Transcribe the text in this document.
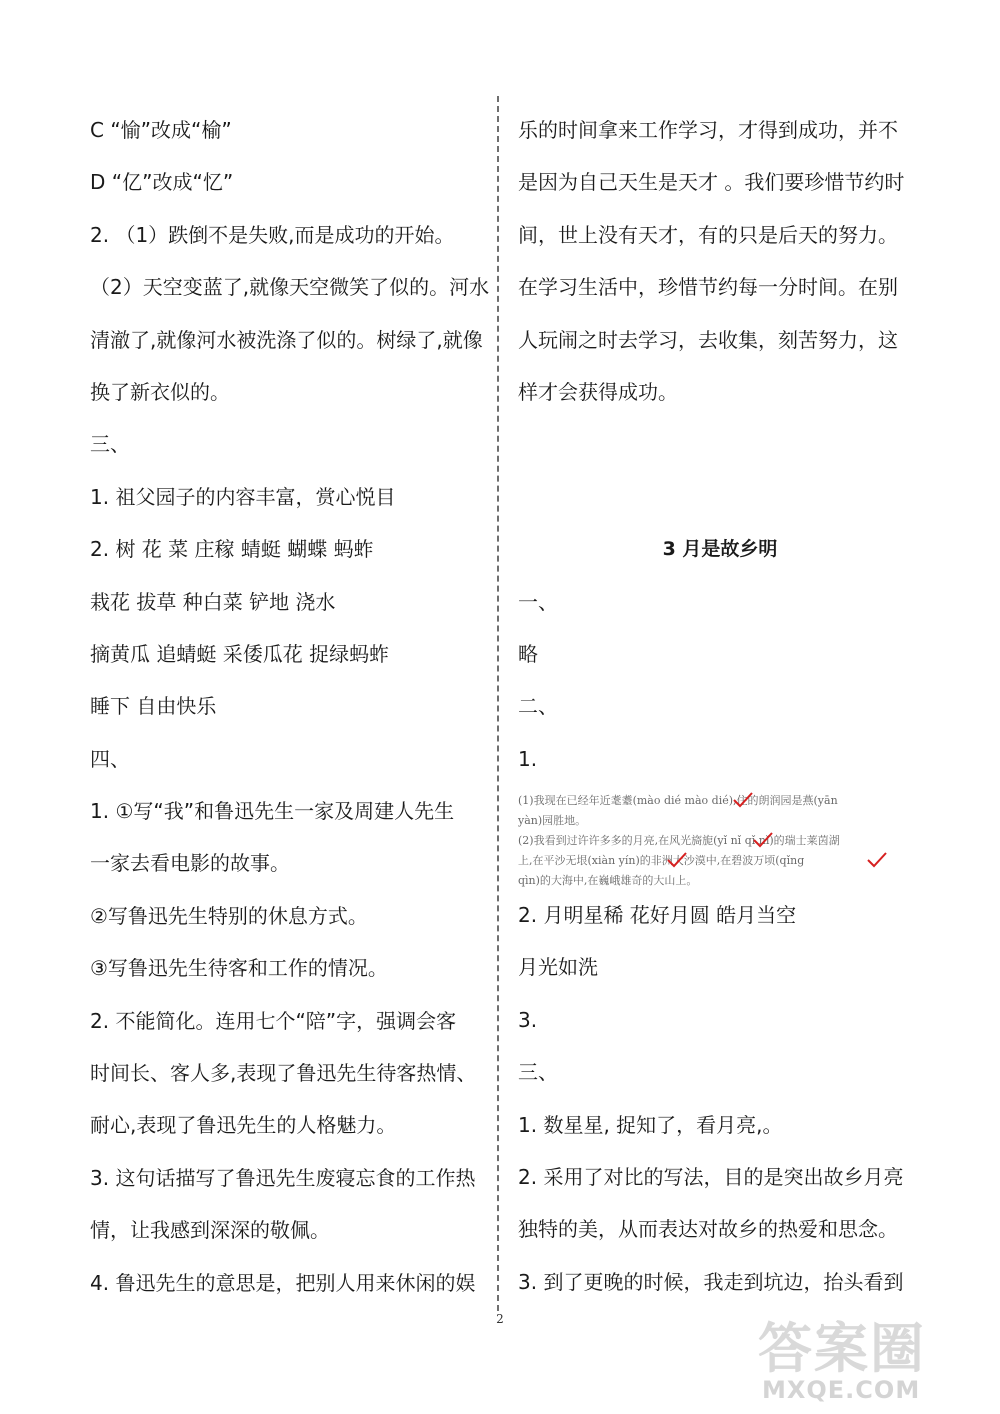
C “愉”改成“榆”
D “亿”改成“忆”
2. （1）跌倒不是失败,而是成功的开始。
（2）天空变蓝了,就像天空微笑了似的。河水
清澈了,就像河水被洗涤了似的。树绿了,就像
换了新衣似的。
三、
1. 祖父园子的内容丰富，赏心悦目
2. 树 花 菜 庄稼 蜻蜓 蝴蝶 蚂蚱
栽花 拔草 种白菜 铲地 浇水
摘黄瓜 追蜻蜓 采倭瓜花 捉绿蚂蚱
睡下 自由快乐
四、
1. ①写“我”和鲁迅先生一家及周建人先生
一家去看电影的故事。
②写鲁迅先生特别的休息方式。
③写鲁迅先生待客和工作的情况。
2. 不能简化。连用七个“陪”字，强调会客
时间长、客人多,表现了鲁迅先生待客热情、
耐心,表现了鲁迅先生的人格魅力。
3. 这句话描写了鲁迅先生废寝忘食的工作热
情，让我感到深深的敬佩。
4. 鲁迅先生的意思是，把别人用来休闲的娱
乐的时间拿来工作学习，才得到成功，并不
是因为自己天生是天才 。我们要珍惜节约时
间，世上没有天才，有的只是后天的努力。
在学习生活中，珍惜节约每一分时间。在别
人玩闹之时去学习，去收集，刻苦努力，这
样才会获得成功。
3 月是故乡明
一、
略
二、
1.
(1)我现在已经年近耄耋(mào dié mào dié),住的朗润园是燕(yān
yàn)园胜地。
(2)我看到过许许多多的月亮,在风光旖旎(yǐ nǐ qǐ nǐ)的瑞士莱茵湖
上,在平沙无垠(xiàn yín)的非洲大沙漠中,在碧波万顷(qǐng
qìn)的大海中,在巍峨雄奇的大山上。
2. 月明星稀 花好月圆 皓月当空
月光如洗
3.
三、
1. 数星星, 捉知了，看月亮,。
2. 采用了对比的写法，目的是突出故乡月亮
独特的美，从而表达对故乡的热爱和思念。
3. 到了更晚的时候，我走到坑边，抬头看到
2	答案圈
MXQE.COM
